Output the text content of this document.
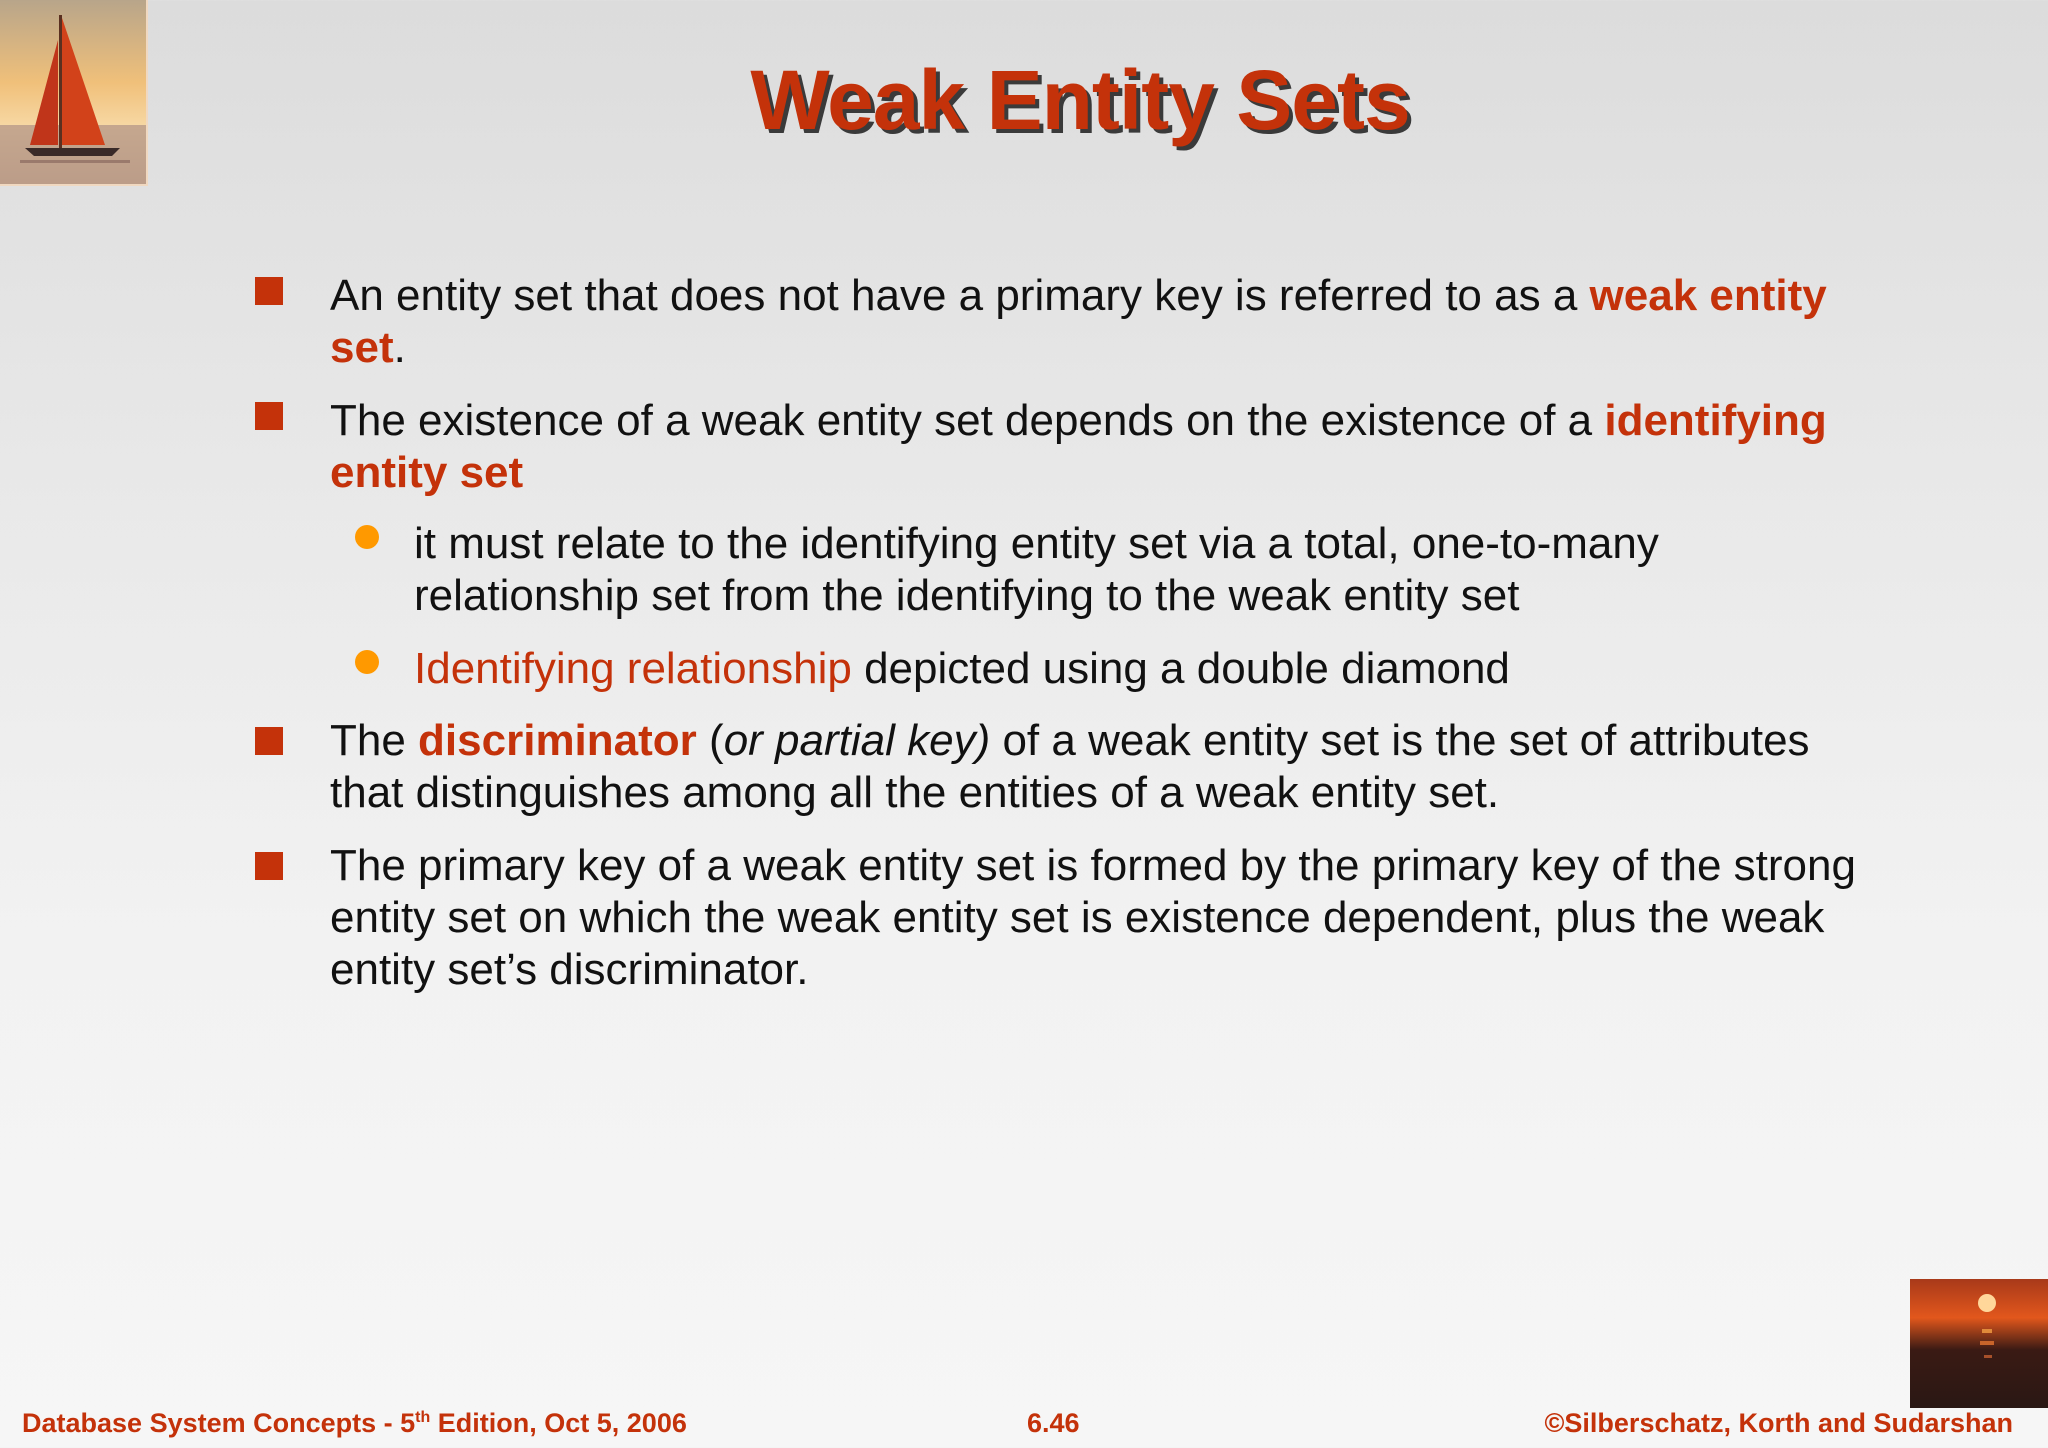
Weak Entity Sets
An entity set that does not have a primary key is referred to as a weak entity set.
The existence of a weak entity set depends on the existence of a identifying entity set
it must relate to the identifying entity set via a total, one-to-many relationship set from the identifying to the weak entity set
Identifying relationship depicted using a double diamond
The discriminator (or partial key) of a weak entity set is the set of attributes that distinguishes among all the entities of a weak entity set.
The primary key of a weak entity set is formed by the primary key of the strong entity set on which the weak entity set is existence dependent, plus the weak entity set’s discriminator.
Database System Concepts - 5th Edition, Oct 5, 2006	6.46	©Silberschatz, Korth and Sudarshan
